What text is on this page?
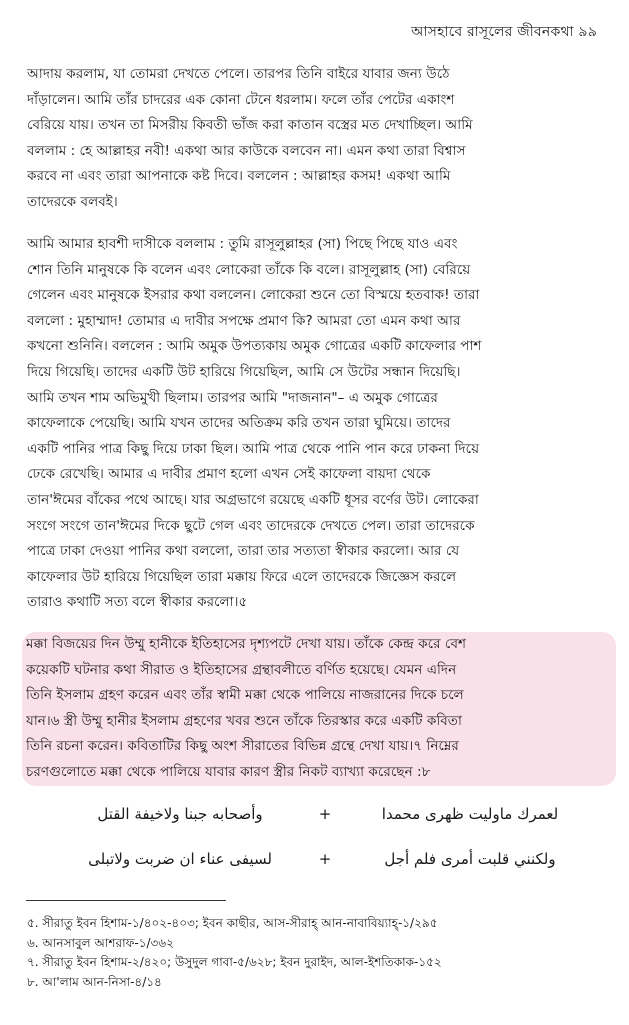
আসহাবে রাসূলের জীবনকথা ৯৯
আদায় করলাম, যা তোমরা দেখতে পেলে। তারপর তিনি বাইরে যাবার জন্য উঠে
দাঁড়ালেন। আমি তাঁর চাদরের এক কোনা টেনে ধরলাম। ফলে তাঁর পেটের একাংশ
বেরিয়ে যায়। তখন তা মিসরীয় কিবতী ভাঁজ করা কাতান বস্ত্রের মত দেখাচ্ছিল। আমি
বললাম : হে আল্লাহর নবী! একথা আর কাউকে বলবেন না। এমন কথা তারা বিশ্বাস
করবে না এবং তারা আপনাকে কষ্ট দিবে। বললেন : আল্লাহর কসম! একথা আমি
তাদেরকে বলবই।
আমি আমার হাবশী দাসীকে বললাম : তুমি রাসূলুল্লাহর (সা) পিছে পিছে যাও এবং
শোন তিনি মানুষকে কি বলেন এবং লোকেরা তাঁকে কি বলে। রাসূলুল্লাহ (সা) বেরিয়ে
গেলেন এবং মানুষকে ইসরার কথা বললেন। লোকেরা শুনে তো বিস্ময়ে হতবাক! তারা
বললো : মুহাম্মাদ! তোমার এ দাবীর সপক্ষে প্রমাণ কি? আমরা তো এমন কথা আর
কখনো শুনিনি। বললেন : আমি অমুক উপত্যকায় অমুক গোত্রের একটি কাফেলার পাশ
দিয়ে গিয়েছি। তাদের একটি উট হারিয়ে গিয়েছিল, আমি সে উটের সন্ধান দিয়েছি।
আমি তখন শাম অভিমুখী ছিলাম। তারপর আমি "দাজনান"– এ অমুক গোত্রের
কাফেলাকে পেয়েছি। আমি যখন তাদের অতিক্রম করি তখন তারা ঘুমিয়ে। তাদের
একটি পানির পাত্র কিছু দিয়ে ঢাকা ছিল। আমি পাত্র থেকে পানি পান করে ঢাকনা দিয়ে
ঢেকে রেখেছি। আমার এ দাবীর প্রমাণ হলো এখন সেই কাফেলা বায়দা থেকে
তান'ঈমের বাঁকের পথে আছে। যার অগ্রভাগে রয়েছে একটি ধূসর বর্ণের উট। লোকেরা
সংগে সংগে তান'ঈমের দিকে ছুটে গেল এবং তাদেরকে দেখতে পেল। তারা তাদেরকে
পাত্রে ঢাকা দেওয়া পানির কথা বললো, তারা তার সত্যতা স্বীকার করলো। আর যে
কাফেলার উট হারিয়ে গিয়েছিল তারা মক্কায় ফিরে এলে তাদেরকে জিজ্ঞেস করলে
তারাও কথাটি সত্য বলে স্বীকার করলো।৫
মক্কা বিজয়ের দিন উম্মু হানীকে ইতিহাসের দৃশ্যপটে দেখা যায়। তাঁকে কেন্দ্র করে বেশ
কয়েকটি ঘটনার কথা সীরাত ও ইতিহাসের গ্রন্থাবলীতে বর্ণিত হয়েছে। যেমন এদিন
তিনি ইসলাম গ্রহণ করেন এবং তাঁর স্বামী মক্কা থেকে পালিয়ে নাজরানের দিকে চলে
যান।৬ স্ত্রী উম্মু হানীর ইসলাম গ্রহণের খবর শুনে তাঁকে তিরস্কার করে একটি কবিতা
তিনি রচনা করেন। কবিতাটির কিছু অংশ সীরাতের বিভিন্ন গ্রন্থে দেখা যায়।৭ নিম্নের
চরণগুলোতে মক্কা থেকে পালিয়ে যাবার কারণ স্ত্রীর নিকট ব্যাখ্যা করেছেন :৮
لعمرك ماوليت ظهرى محمدا+وأصحابه جبنا ولاخيفة القتل
ولكنني قلبت أمرى فلم أجل+لسيفى عناء ان ضربت ولاتبلى
৫. সীরাতু ইবন হিশাম-১/৪০২-৪০৩; ইবন কাছীর, আস-সীরাহ্‌ আন-নাবাবিয়্যাহ্‌-১/২৯৫
৬. আনসাবুল আশরাফ-১/৩৬২
৭. সীরাতু ইবন হিশাম-২/৪২০; উসুদুল গাবা-৫/৬২৮; ইবন দুরাইদ, আল-ইশতিকাক-১৫২
৮. আ'লাম আন-নিসা-৪/১৪
